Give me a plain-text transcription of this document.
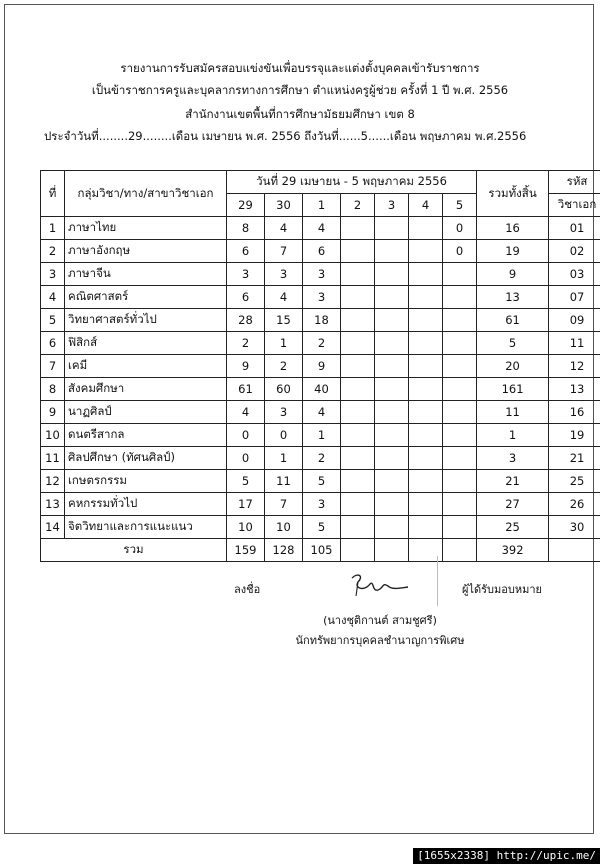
รายงานการรับสมัครสอบแข่งขันเพื่อบรรจุและแต่งตั้งบุคคลเข้ารับราชการ
เป็นข้าราชการครูและบุคลากรทางการศึกษา ตำแหน่งครูผู้ช่วย ครั้งที่ 1 ปี พ.ศ. 2556
สำนักงานเขตพื้นที่การศึกษามัธยมศึกษา เขต 8
ประจำวันที่........29........เดือน เมษายน พ.ศ. 2556 ถึงวันที่......5......เดือน พฤษภาคม พ.ศ.2556
ที่	กลุ่มวิชา/ทาง/สาขาวิชาเอก	วันที่ 29 เมษายน - 5 พฤษภาคม 2556							รวมทั้งสิ้น	รหัส
		29	30	1	2	3	4	5		วิชาเอก
1	ภาษาไทย	8	4	4				0	16	01
2	ภาษาอังกฤษ	6	7	6				0	19	02
3	ภาษาจีน	3	3	3					9	03
4	คณิตศาสตร์	6	4	3					13	07
5	วิทยาศาสตร์ทั่วไป	28	15	18					61	09
6	ฟิสิกส์	2	1	2					5	11
7	เคมี	9	2	9					20	12
8	สังคมศึกษา	61	60	40					161	13
9	นาฏศิลป์	4	3	4					11	16
10	ดนตรีสากล	0	0	1					1	19
11	ศิลปศึกษา (ทัศนศิลป์)	0	1	2					3	21
12	เกษตรกรรม	5	11	5					21	25
13	คหกรรมทั่วไป	17	7	3					27	26
14	จิตวิทยาและการแนะแนว	10	10	5					25	30
รวม		159	128	105					392	
ลงชื่อ	ผู้ได้รับมอบหมาย
(นางชุติกานต์ สามชูศรี)
นักทรัพยากรบุคคลชำนาญการพิเศษ
[1655x2338] http://upic.me/
